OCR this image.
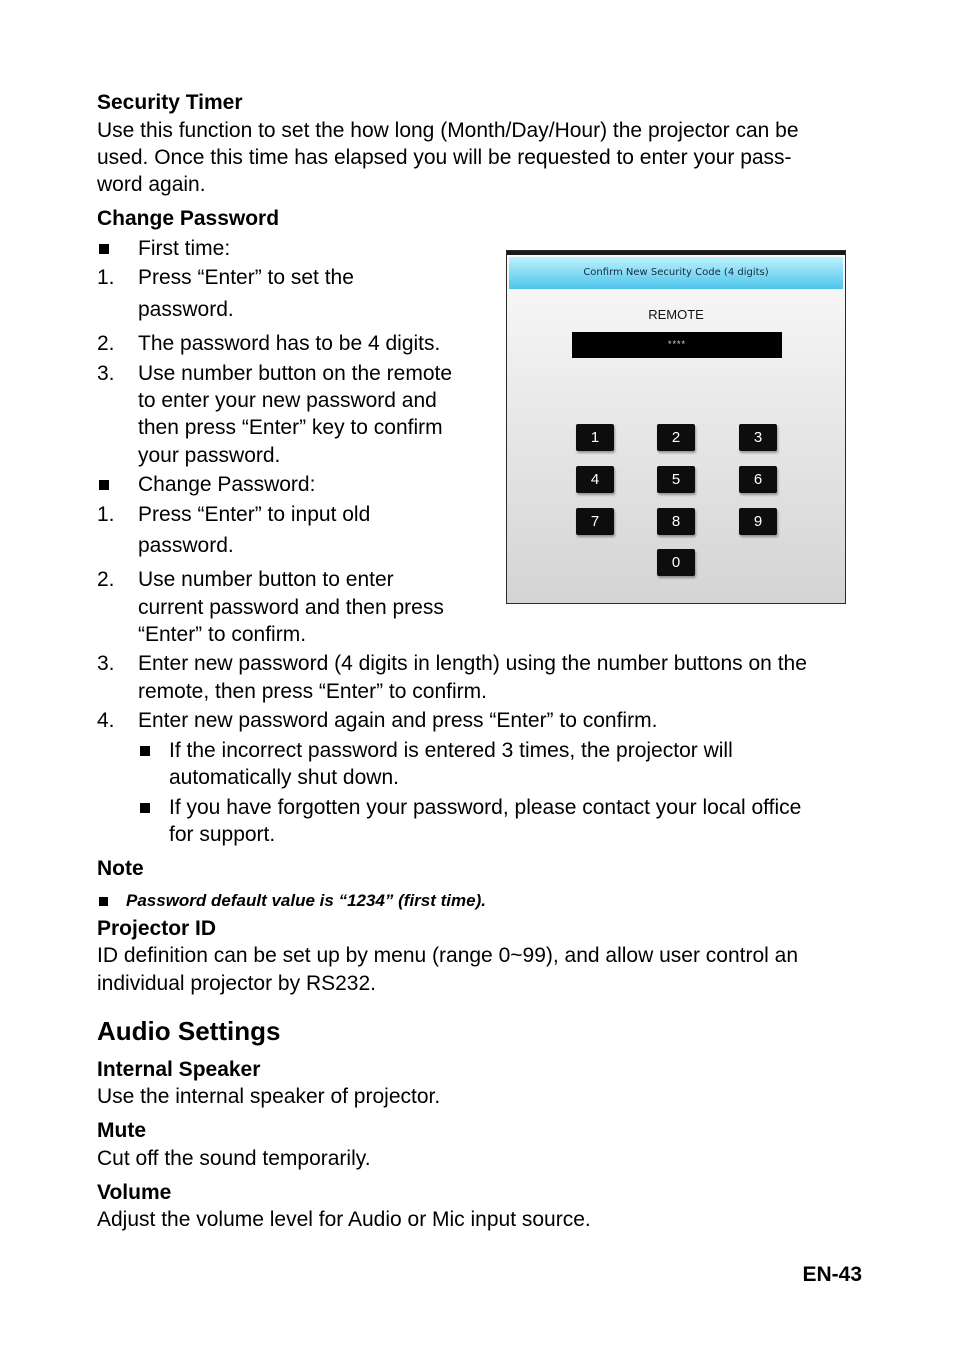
Security Timer
Use this function to set the how long (Month/Day/Hour) the projector can be
used. Once this time has elapsed you will be requested to enter your pass-
word again.
Change Password
First time:
1. Press “Enter” to set the
password.
2. The password has to be 4 digits.
3. Use number button on the remote
to enter your new password and
then press “Enter” key to confirm
your password.
Change Password:
1. Press “Enter” to input old
password.
2. Use number button to enter
current password and then press
“Enter” to confirm.
3. Enter new password (4 digits in length) using the number buttons on the
remote, then press “Enter” to confirm.
4. Enter new password again and press “Enter” to confirm.
If the incorrect password is entered 3 times, the projector will
automatically shut down.
If you have forgotten your password, please contact your local office
for support.
Confirm New Security Code (4 digits)
REMOTE
****
1	2	3
4	5	6
7	8	9
0
Note
Password default value is “1234” (first time).
Projector ID
ID definition can be set up by menu (range 0~99), and allow user control an
individual projector by RS232.
Audio Settings
Internal Speaker
Use the internal speaker of projector.
Mute
Cut off the sound temporarily.
Volume
Adjust the volume level for Audio or Mic input source.
EN-43
